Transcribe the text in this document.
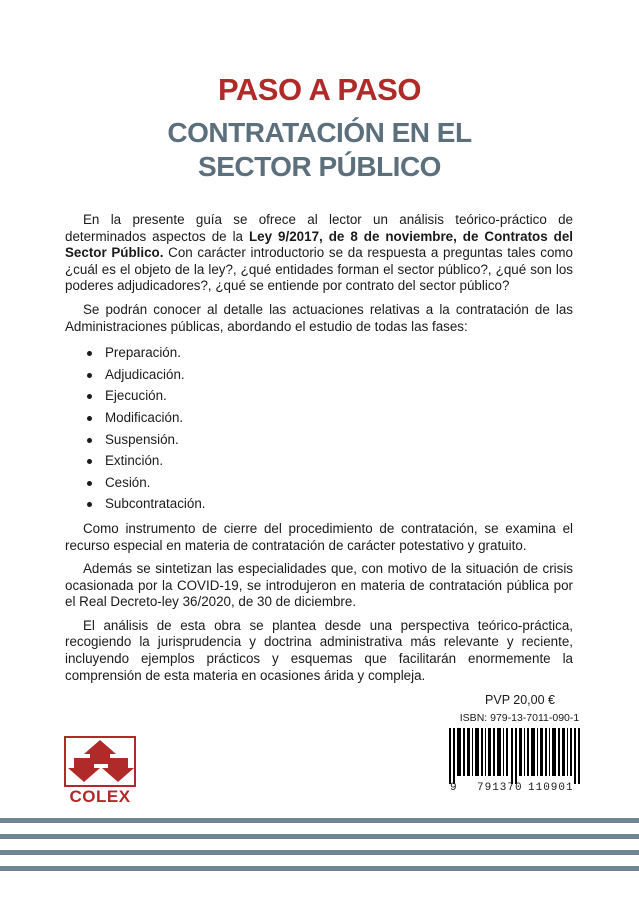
PASO A PASO
CONTRATACIÓN EN EL
SECTOR PÚBLICO

En la presente guía se ofrece al lector un análisis teórico-práctico de determinados aspectos de la Ley 9/2017, de 8 de noviembre, de Contratos del Sector Público. Con carácter introductorio se da respuesta a preguntas tales como ¿cuál es el objeto de la ley?, ¿qué entidades forman el sector público?, ¿qué son los poderes adjudicadores?, ¿qué se entiende por contrato del sector público?

Se podrán conocer al detalle las actuaciones relativas a la contratación de las Administraciones públicas, abordando el estudio de todas las fases:

Preparación.
Adjudicación.
Ejecución.
Modificación.
Suspensión.
Extinción.
Cesión.
Subcontratación.

Como instrumento de cierre del procedimiento de contratación, se examina el recurso especial en materia de contratación de carácter potestativo y gratuito.

Además se sintetizan las especialidades que, con motivo de la situación de crisis ocasionada por la COVID-19, se introdujeron en materia de contratación pública por el Real Decreto-ley 36/2020, de 30 de diciembre.

El análisis de esta obra se plantea desde una perspectiva teórico-práctica, recogiendo la jurisprudencia y doctrina administrativa más relevante y reciente, incluyendo ejemplos prácticos y esquemas que facilitarán enormemente la comprensión de esta materia en ocasiones árida y compleja.

PVP 20,00 €
ISBN: 979-13-7011-090-1
9 791370 110901
COLEX
